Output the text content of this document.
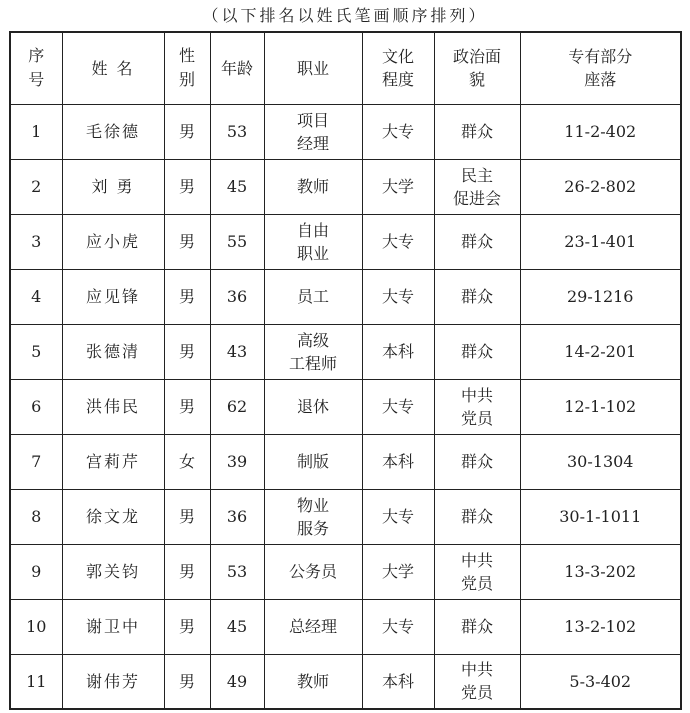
（以下排名以姓氏笔画顺序排列）
序
号	姓 名	性
别	年龄	职业	文化
程度	政治面
貌	专有部分
座落
1	毛徐德	男	53	项目
经理	大专	群众	11-2-402
2	刘 勇	男	45	教师	大学	民主
促进会	26-2-802
3	应小虎	男	55	自由
职业	大专	群众	23-1-401
4	应见锋	男	36	员工	大专	群众	29-1216
5	张德清	男	43	高级
工程师	本科	群众	14-2-201
6	洪伟民	男	62	退休	大专	中共
党员	12-1-102
7	宫莉芹	女	39	制版	本科	群众	30-1304
8	徐文龙	男	36	物业
服务	大专	群众	30-1-1011
9	郭关钧	男	53	公务员	大学	中共
党员	13-3-202
10	谢卫中	男	45	总经理	大专	群众	13-2-102
11	谢伟芳	男	49	教师	本科	中共
党员	5-3-402
